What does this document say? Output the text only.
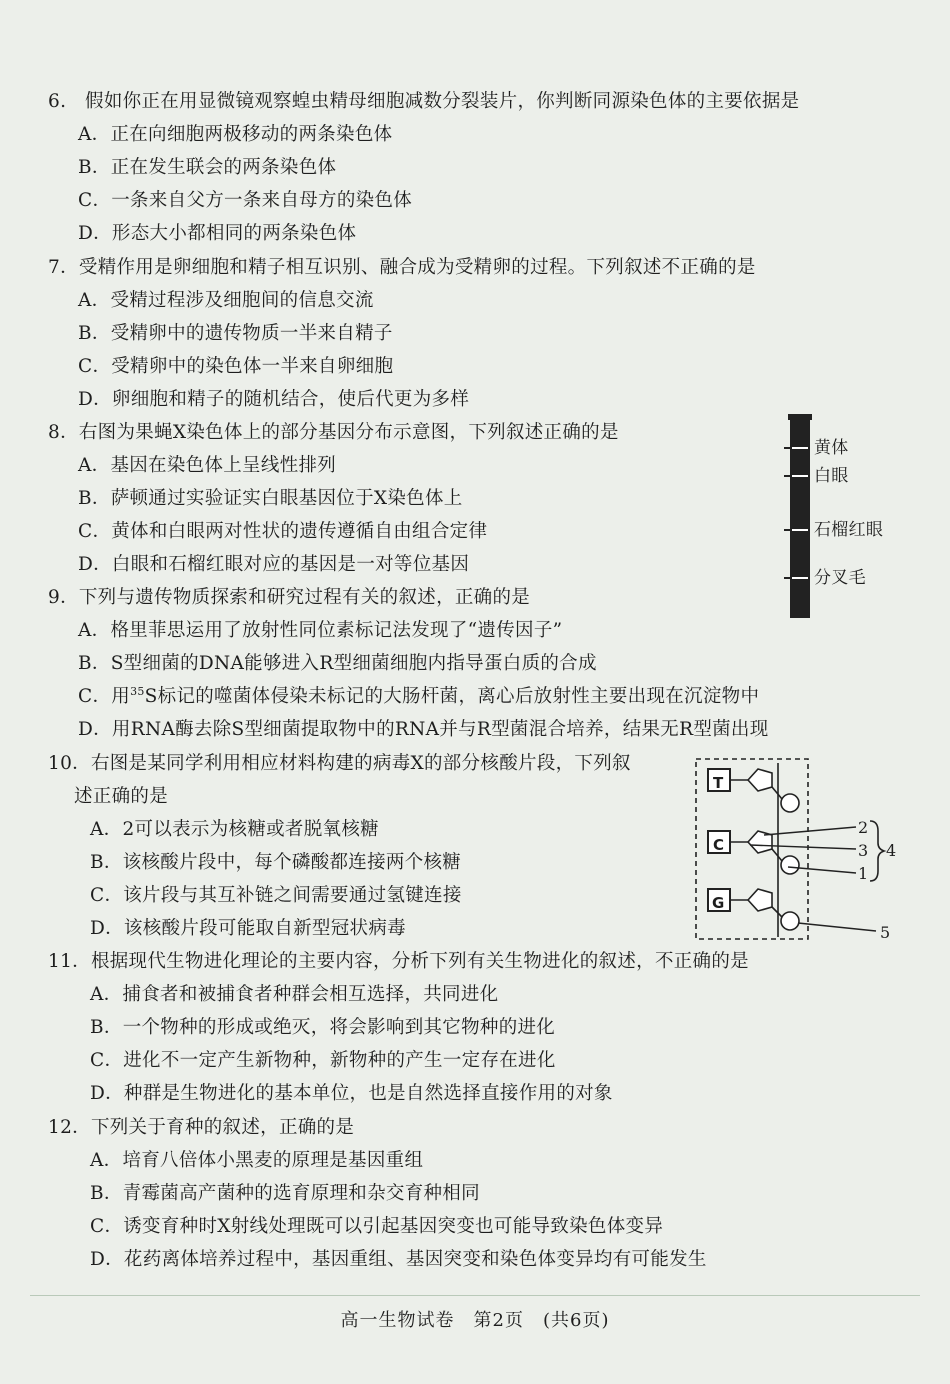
6.　假如你正在用显微镜观察蝗虫精母细胞减数分裂装片，你判断同源染色体的主要依据是
A．正在向细胞两极移动的两条染色体
B．正在发生联会的两条染色体
C．一条来自父方一条来自母方的染色体
D．形态大小都相同的两条染色体
7．受精作用是卵细胞和精子相互识别、融合成为受精卵的过程。下列叙述不正确的是
A．受精过程涉及细胞间的信息交流
B．受精卵中的遗传物质一半来自精子
C．受精卵中的染色体一半来自卵细胞
D．卵细胞和精子的随机结合，使后代更为多样
8．右图为果蝇X染色体上的部分基因分布示意图，下列叙述正确的是
A．基因在染色体上呈线性排列
B．萨顿通过实验证实白眼基因位于X染色体上
C．黄体和白眼两对性状的遗传遵循自由组合定律
D．白眼和石榴红眼对应的基因是一对等位基因
黄体
白眼
石榴红眼
分叉毛
9．下列与遗传物质探索和研究过程有关的叙述，正确的是
A．格里菲思运用了放射性同位素标记法发现了“遗传因子”
B．S型细菌的DNA能够进入R型细菌细胞内指导蛋白质的合成
C．用$^{35}$S标记的噬菌体侵染未标记的大肠杆菌，离心后放射性主要出现在沉淀物中
D．用RNA酶去除S型细菌提取物中的RNA并与R型菌混合培养，结果无R型菌出现
10．右图是某同学利用相应材料构建的病毒X的部分核酸片段，下列叙
述正确的是
A．2可以表示为核糖或者脱氧核糖
B．该核酸片段中，每个磷酸都连接两个核糖
C．该片段与其互补链之间需要通过氢键连接
D．该核酸片段可能取自新型冠状病毒
T
C
G
2
3
1
4
5
11．根据现代生物进化理论的主要内容，分析下列有关生物进化的叙述，不正确的是
A．捕食者和被捕食者种群会相互选择，共同进化
B．一个物种的形成或绝灭，将会影响到其它物种的进化
C．进化不一定产生新物种，新物种的产生一定存在进化
D．种群是生物进化的基本单位，也是自然选择直接作用的对象
12．下列关于育种的叙述，正确的是
A．培育八倍体小黑麦的原理是基因重组
B．青霉菌高产菌种的选育原理和杂交育种相同
C．诱变育种时X射线处理既可以引起基因突变也可能导致染色体变异
D．花药离体培养过程中，基因重组、基因突变和染色体变异均有可能发生
高一生物试卷　第2页　(共6页)
